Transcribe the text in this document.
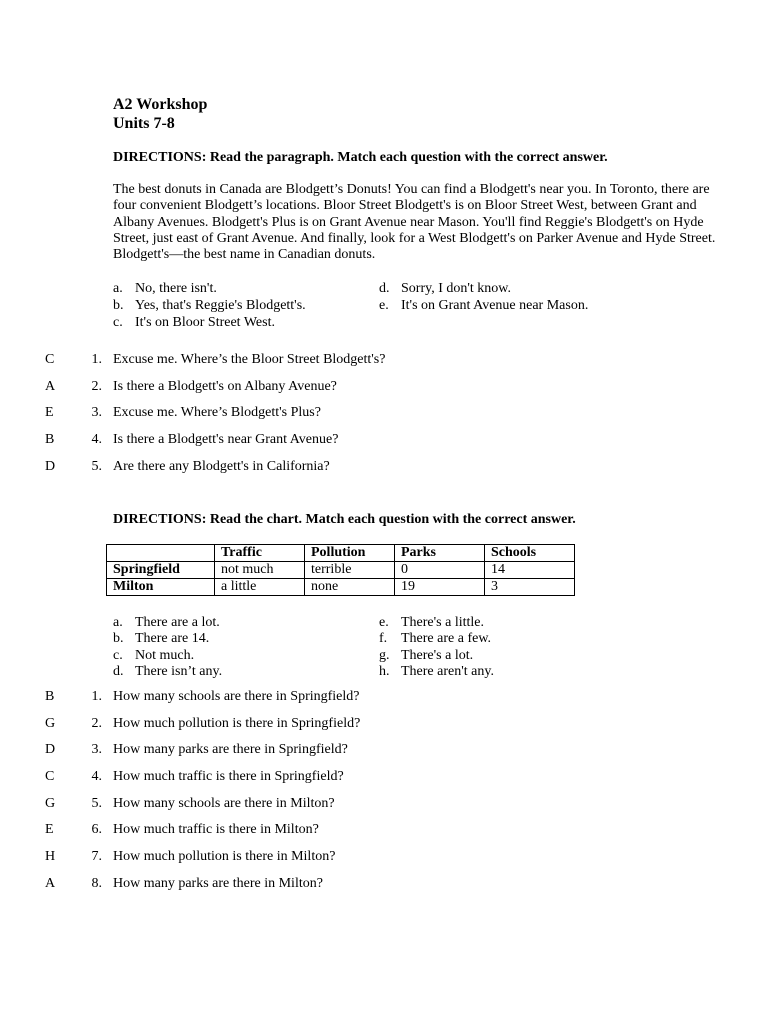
A2 Workshop
Units 7-8
DIRECTIONS: Read the paragraph. Match each question with the correct answer.
The best donuts in Canada are Blodgett’s Donuts! You can find a Blodgett's near you. In Toronto, there are four convenient Blodgett’s locations. Bloor Street Blodgett's is on Bloor Street West, between Grant and Albany Avenues. Blodgett's Plus is on Grant Avenue near Mason. You'll find Reggie's Blodgett's on Hyde Street, just east of Grant Avenue. And finally, look for a West Blodgett's on Parker Avenue and Hyde Street. Blodgett's—the best name in Canadian donuts.
a. No, there isn't.
b. Yes, that's Reggie's Blodgett's.
c. It's on Bloor Street West.
d. Sorry, I don't know.
e. It's on Grant Avenue near Mason.
C	1. Excuse me. Where’s the Bloor Street Blodgett's?
A	2. Is there a Blodgett's on Albany Avenue?
E	3. Excuse me. Where’s Blodgett's Plus?
B	4. Is there a Blodgett's near Grant Avenue?
D	5. Are there any Blodgett's in California?
DIRECTIONS: Read the chart. Match each question with the correct answer.
	Traffic	Pollution	Parks	Schools
Springfield	not much	terrible	0	14
Milton	a little	none	19	3
a. There are a lot.
b. There are 14.
c. Not much.
d. There isn’t any.
e. There's a little.
f. There are a few.
g. There's a lot.
h. There aren't any.
B	1. How many schools are there in Springfield?
G	2. How much pollution is there in Springfield?
D	3. How many parks are there in Springfield?
C	4. How much traffic is there in Springfield?
G	5. How many schools are there in Milton?
E	6. How much traffic is there in Milton?
H	7. How much pollution is there in Milton?
A	8. How many parks are there in Milton?
